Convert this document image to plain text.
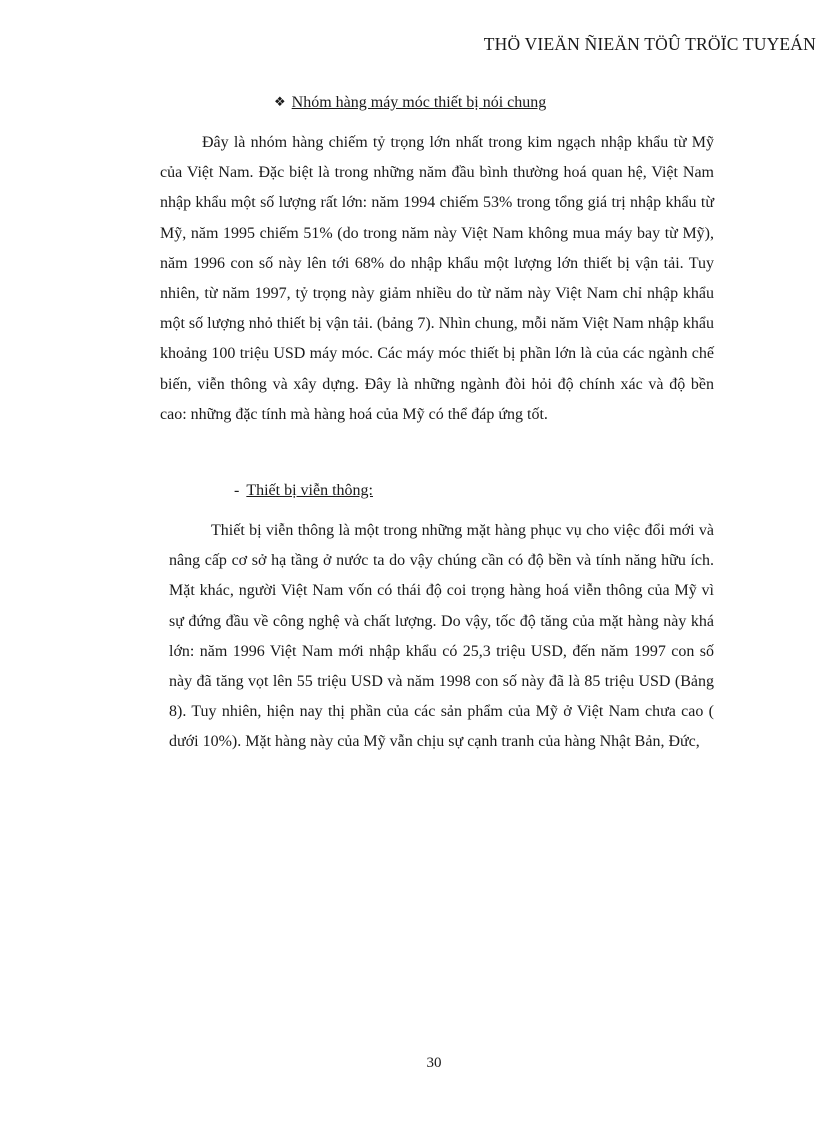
THÖ VIEÄN ÑIEÄN TÖÛ TRÖÏC TUYEÁN
❖ Nhóm hàng máy móc thiết bị nói chung

Đây là nhóm hàng chiếm tỷ trọng lớn nhất trong kim ngạch nhập khẩu từ Mỹ của Việt Nam. Đặc biệt là trong những năm đầu bình thường hoá quan hệ, Việt Nam nhập khẩu một số lượng rất lớn: năm 1994 chiếm 53% trong tổng giá trị nhập khẩu từ Mỹ, năm 1995 chiếm 51% (do trong năm này Việt Nam không mua máy bay từ Mỹ), năm 1996 con số này lên tới 68% do nhập khẩu một lượng lớn thiết bị vận tải. Tuy nhiên, từ năm 1997, tỷ trọng này giảm nhiều do từ năm này Việt Nam chỉ nhập khẩu một số lượng nhỏ thiết bị vận tải. (bảng 7). Nhìn chung, mỗi năm Việt Nam nhập khẩu khoảng 100 triệu USD máy móc. Các máy móc thiết bị phần lớn là của các ngành chế biến, viễn thông và xây dựng. Đây là những ngành đòi hỏi độ chính xác và độ bền cao: những đặc tính mà hàng hoá của Mỹ có thể đáp ứng tốt.

- Thiết bị viễn thông:

Thiết bị viễn thông là một trong những mặt hàng phục vụ cho việc đổi mới và nâng cấp cơ sở hạ tầng ở nước ta do vậy chúng cần có độ bền và tính năng hữu ích. Mặt khác, người Việt Nam vốn có thái độ coi trọng hàng hoá viễn thông của Mỹ vì sự đứng đầu về công nghệ và chất lượng. Do vậy, tốc độ tăng của mặt hàng này khá lớn: năm 1996 Việt Nam mới nhập khẩu có 25,3 triệu USD, đến năm 1997 con số này đã tăng vọt lên 55 triệu USD và năm 1998 con số này đã là 85 triệu USD (Bảng 8). Tuy nhiên, hiện nay thị phần của các sản phẩm của Mỹ ở Việt Nam chưa cao ( dưới 10%). Mặt hàng này của Mỹ vẫn chịu sự cạnh tranh của hàng Nhật Bản, Đức,

30
